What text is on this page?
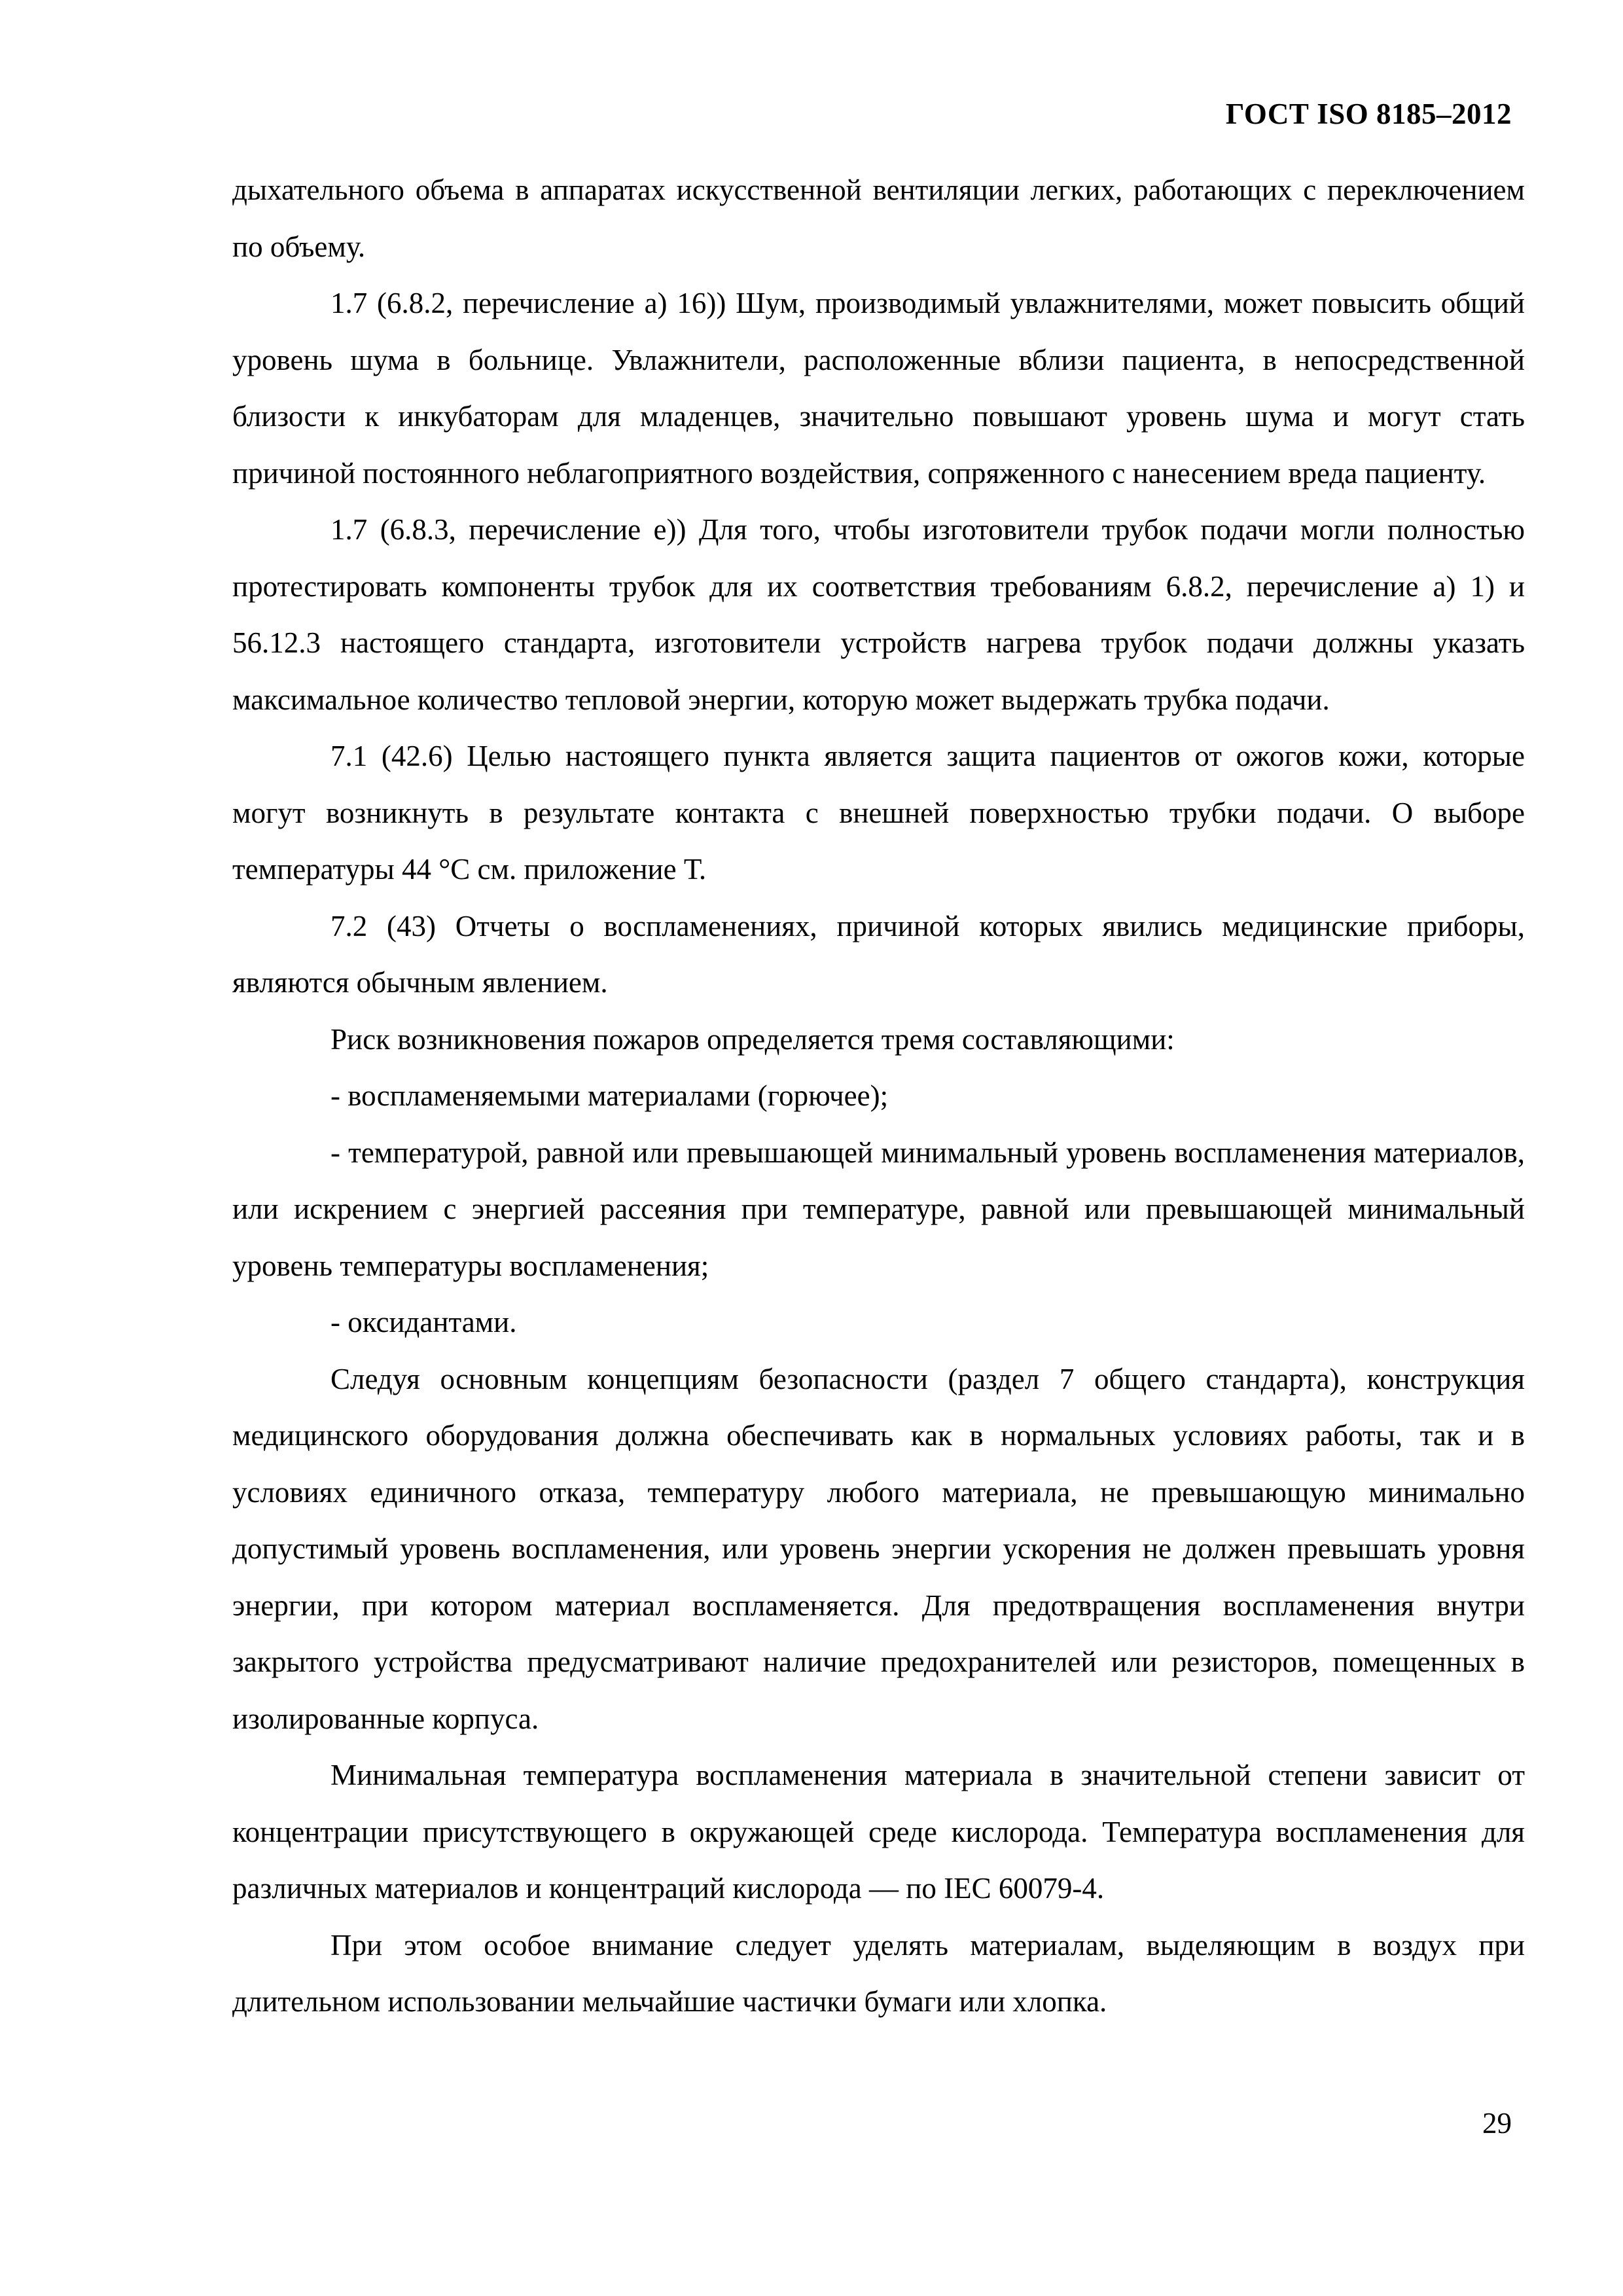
ГОСТ ISO 8185–2012

дыхательного объема в аппаратах искусственной вентиляции легких, работающих с переключением по объему.

1.7 (6.8.2, перечисление а) 16)) Шум, производимый увлажнителями, может повысить общий уровень шума в больнице. Увлажнители, расположенные вблизи пациента, в непосредственной близости к инкубаторам для младенцев, значительно повышают уровень шума и могут стать причиной постоянного неблагоприятного воздействия, сопряженного с нанесением вреда пациенту.

1.7 (6.8.3, перечисление е)) Для того, чтобы изготовители трубок подачи могли полностью протестировать компоненты трубок для их соответствия требованиям 6.8.2, перечисление а) 1) и 56.12.3 настоящего стандарта, изготовители устройств нагрева трубок подачи должны указать максимальное количество тепловой энергии, которую может выдержать трубка подачи.

7.1 (42.6) Целью настоящего пункта является защита пациентов от ожогов кожи, которые могут возникнуть в результате контакта с внешней поверхностью трубки подачи. О выборе температуры 44 °С см. приложение Т.

7.2 (43) Отчеты о воспламенениях, причиной которых явились медицинские приборы, являются обычным явлением.

Риск возникновения пожаров определяется тремя составляющими:

- воспламеняемыми материалами (горючее);

- температурой, равной или превышающей минимальный уровень воспламенения материалов, или искрением с энергией рассеяния при температуре, равной или превышающей минимальный уровень температуры воспламенения;

- оксидантами.

Следуя основным концепциям безопасности (раздел 7 общего стандарта), конструкция медицинского оборудования должна обеспечивать как в нормальных условиях работы, так и в условиях единичного отказа, температуру любого материала, не превышающую минимально допустимый уровень воспламенения, или уровень энергии ускорения не должен превышать уровня энергии, при котором материал воспламеняется. Для предотвращения воспламенения внутри закрытого устройства предусматривают наличие предохранителей или резисторов, помещенных в изолированные корпуса.

Минимальная температура воспламенения материала в значительной степени зависит от концентрации присутствующего в окружающей среде кислорода. Температура воспламенения для различных материалов и концентраций кислорода — по IEC 60079-4.

При этом особое внимание следует уделять материалам, выделяющим в воздух при длительном использовании мельчайшие частички бумаги или хлопка.

29
